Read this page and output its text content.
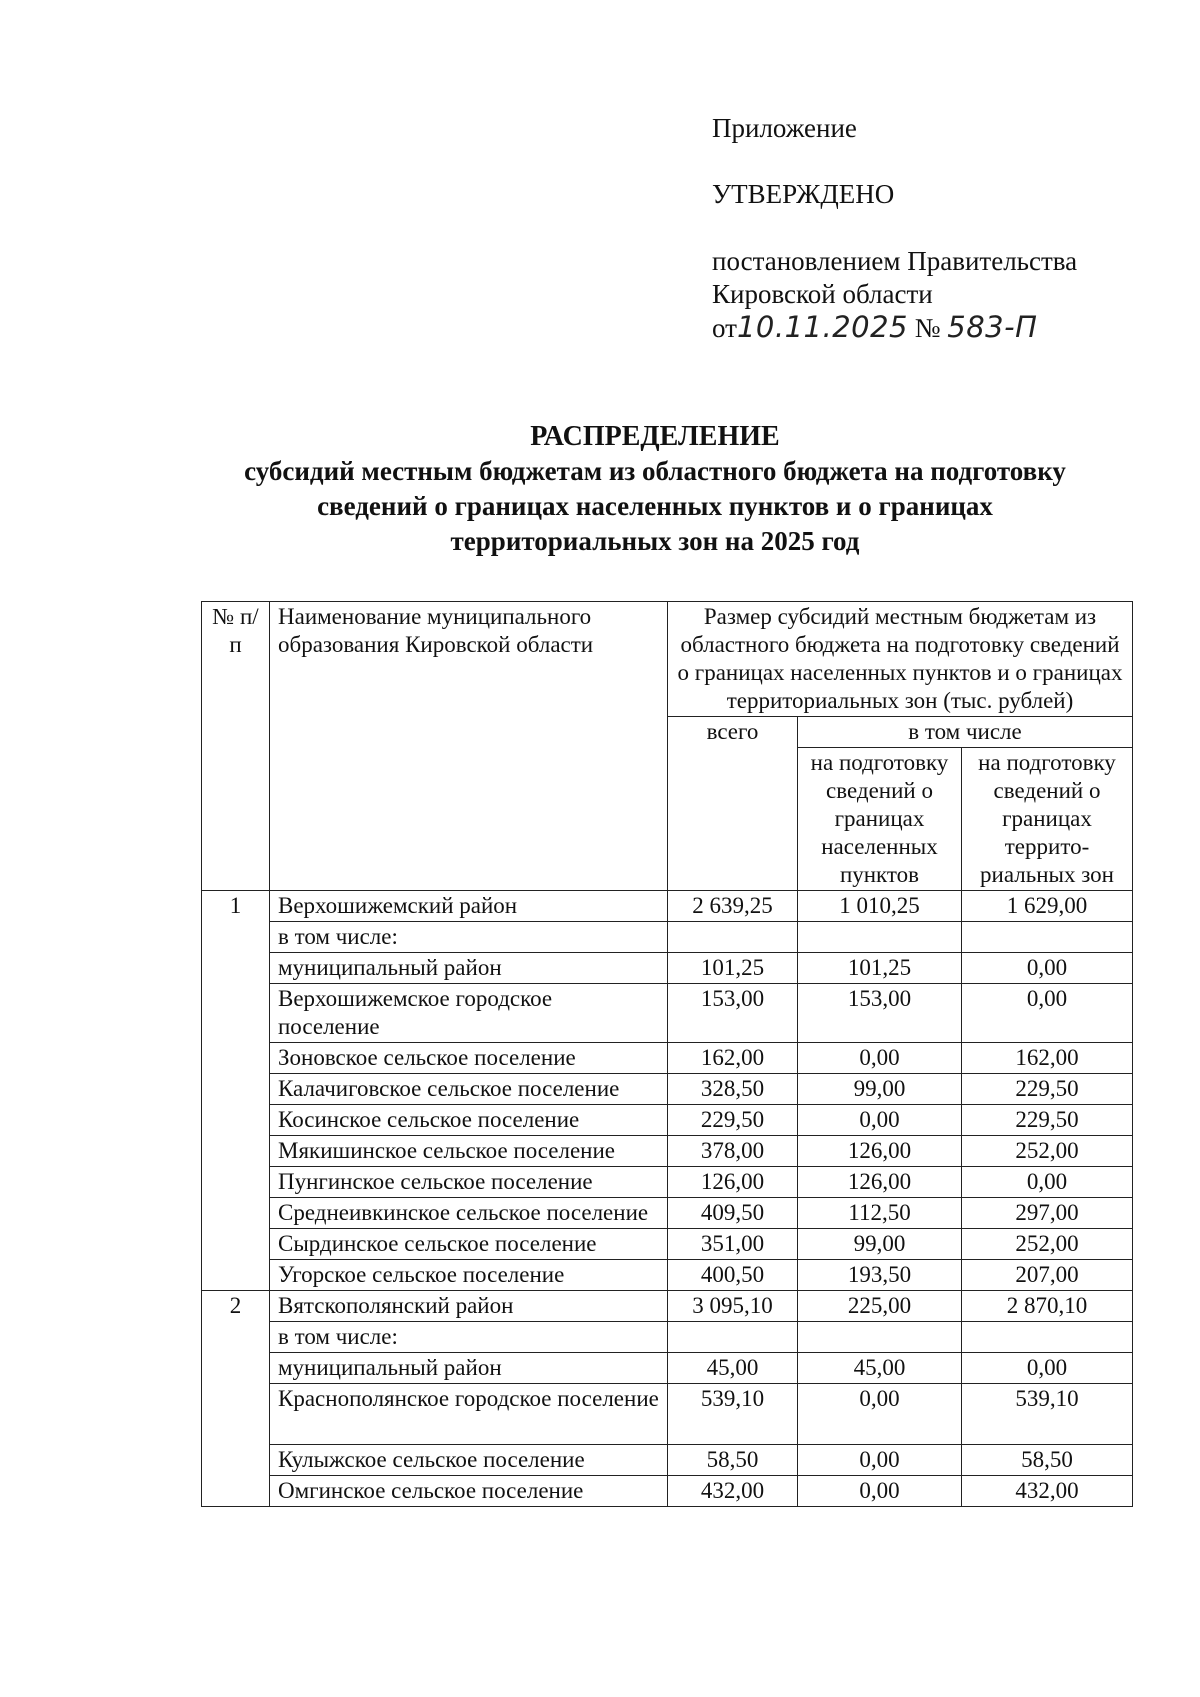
Приложение
УТВЕРЖДЕНО
постановлением Правительства
Кировской области
от10.11.2025 № 583-П
РАСПРЕДЕЛЕНИЕ
субсидий местным бюджетам из областного бюджета на подготовку
сведений о границах населенных пунктов и о границах
территориальных зон на 2025 год
№ п/п	Наименование муниципального образования Кировской области	Размер субсидий местным бюджетам из областного бюджета на подготовку сведений о границах населенных пунктов и о границах территориальных зон (тыс. рублей)		
		всего	в том числе	
			на подготовку сведений о границах населенных пунктов	на подготовку сведений о границах террито-риальных зон
1	Верхошижемский район	2 639,25	1 010,25	1 629,00
	в том числе:			
	муниципальный район	101,25	101,25	0,00
	Верхошижемское городское поселение	153,00	153,00	0,00
	Зоновское сельское поселение	162,00	0,00	162,00
	Калачиговское сельское поселение	328,50	99,00	229,50
	Косинское сельское поселение	229,50	0,00	229,50
	Мякишинское сельское поселение	378,00	126,00	252,00
	Пунгинское сельское поселение	126,00	126,00	0,00
	Среднеивкинское сельское поселение	409,50	112,50	297,00
	Сырдинское сельское поселение	351,00	99,00	252,00
	Угорское сельское поселение	400,50	193,50	207,00
2	Вятскополянский район	3 095,10	225,00	2 870,10
	в том числе:			
	муниципальный район	45,00	45,00	0,00
	Краснополянское городское поселение	539,10	0,00	539,10
	Кулыжское сельское поселение	58,50	0,00	58,50
	Омгинское сельское поселение	432,00	0,00	432,00
